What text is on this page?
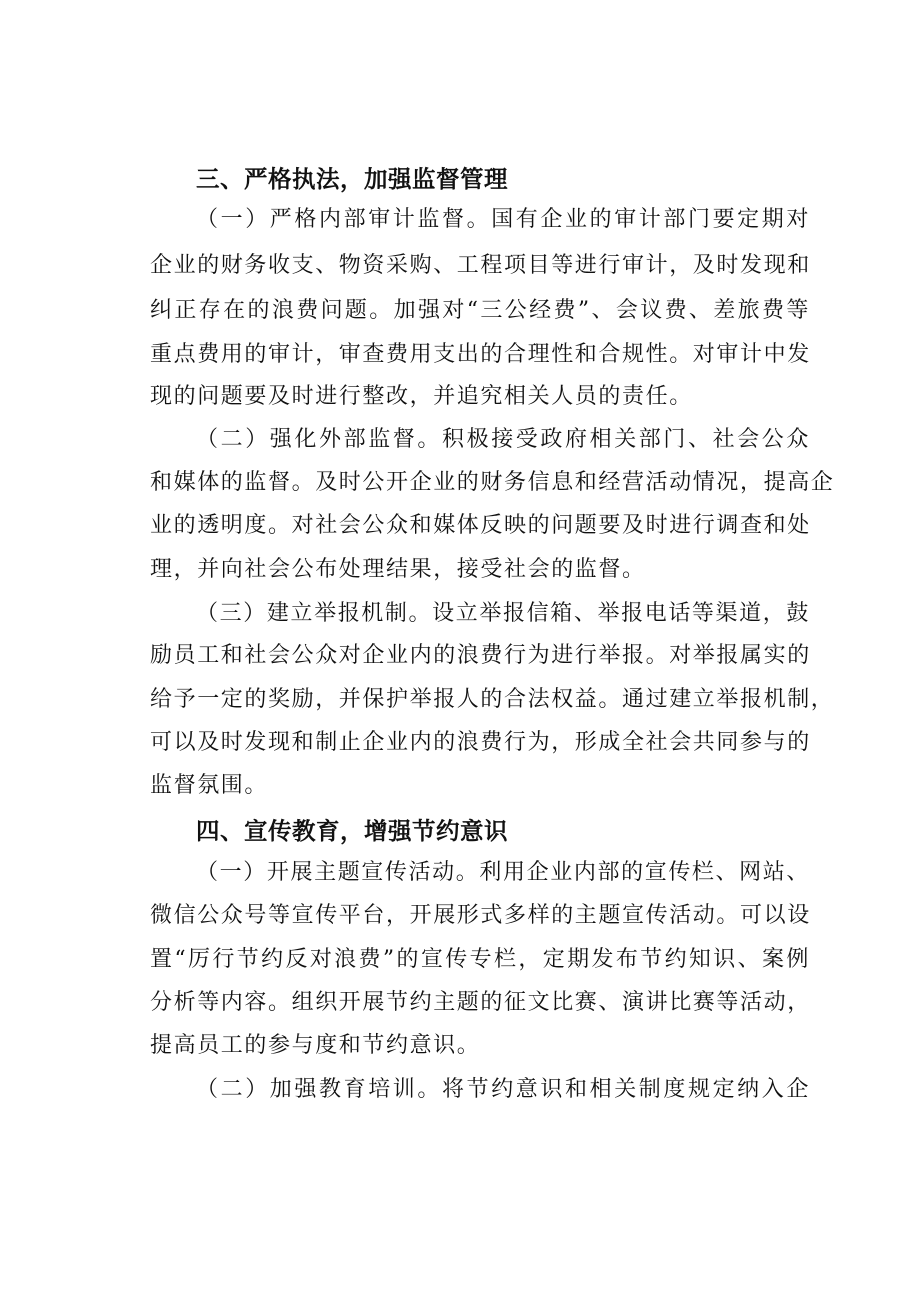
三、严格执法，加强监督管理
（一）严格内部审计监督。国有企业的审计部门要定期对
企业的财务收支、物资采购、工程项目等进行审计，及时发现和
纠正存在的浪费问题。加强对“三公经费”、会议费、差旅费等
重点费用的审计，审查费用支出的合理性和合规性。对审计中发
现的问题要及时进行整改，并追究相关人员的责任。
（二）强化外部监督。积极接受政府相关部门、社会公众
和媒体的监督。及时公开企业的财务信息和经营活动情况，提高企
业的透明度。对社会公众和媒体反映的问题要及时进行调查和处
理，并向社会公布处理结果，接受社会的监督。
（三）建立举报机制。设立举报信箱、举报电话等渠道，鼓
励员工和社会公众对企业内的浪费行为进行举报。对举报属实的
给予一定的奖励，并保护举报人的合法权益。通过建立举报机制，
可以及时发现和制止企业内的浪费行为，形成全社会共同参与的
监督氛围。
四、宣传教育，增强节约意识
（一）开展主题宣传活动。利用企业内部的宣传栏、网站、
微信公众号等宣传平台，开展形式多样的主题宣传活动。可以设
置“厉行节约反对浪费”的宣传专栏，定期发布节约知识、案例
分析等内容。组织开展节约主题的征文比赛、演讲比赛等活动，
提高员工的参与度和节约意识。
（二）加强教育培训。将节约意识和相关制度规定纳入企
